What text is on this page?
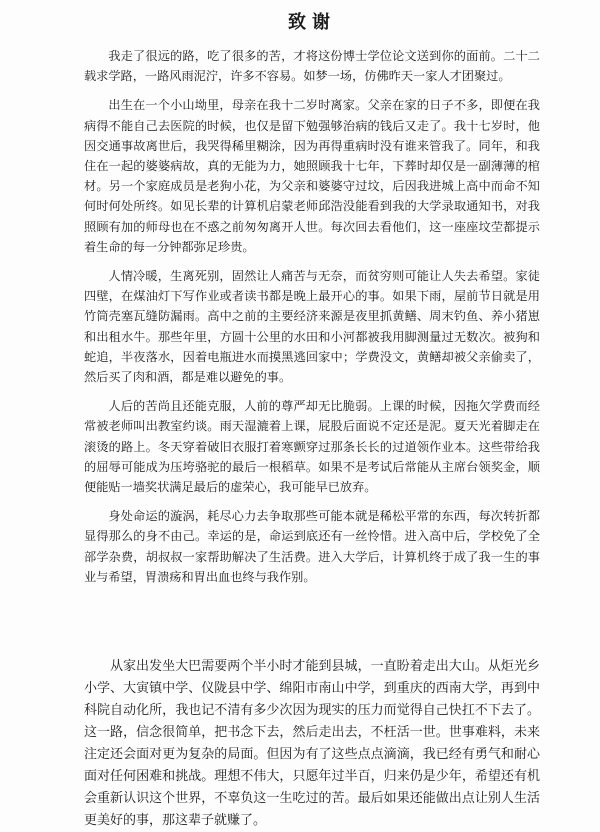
致谢

我走了很远的路，吃了很多的苦，才将这份博士学位论文送到你的面前。二十二载求学路，一路风雨泥泞，许多不容易。如梦一场，仿佛昨天一家人才团聚过。

出生在一个小山坳里，母亲在我十二岁时离家。父亲在家的日子不多，即便在我病得不能自己去医院的时候，也仅是留下勉强够治病的钱后又走了。我十七岁时，他因交通事故离世后，我哭得稀里糊涂，因为再得重病时没有谁来管我了。同年，和我住在一起的婆婆病故，真的无能为力，她照顾我十七年，下葬时却仅是一副薄薄的棺材。另一个家庭成员是老狗小花，为父亲和婆婆守过坟，后因我进城上高中而命不知何时何处所终。如见长辈的计算机启蒙老师邱浩没能看到我的大学录取通知书，对我照顾有加的师母也在不惑之前匆匆离开人世。每次回去看他们，这一座座坟茔都提示着生命的每一分钟都弥足珍贵。

人情冷暖，生离死别，固然让人痛苦与无奈，而贫穷则可能让人失去希望。家徒四壁，在煤油灯下写作业或者读书都是晚上最开心的事。如果下雨，屋前节日就是用竹筒壳塞瓦缝防漏雨。高中之前的主要经济来源是夜里抓黄鳝、周末钓鱼、养小猪崽和出租水牛。那些年里，方圆十公里的水田和小河都被我用脚测量过无数次。被狗和蛇追，半夜落水，因着电瓶进水而摸黑逃回家中；学费没文，黄鳝却被父亲偷卖了，然后买了肉和酒，都是难以避免的事。

人后的苦尚且还能克服，人前的尊严却无比脆弱。上课的时候，因拖欠学费而经常被老师叫出教室约谈。雨天湿漉着上课，屁股后面说不定还是泥。夏天光着脚走在滚烫的路上。冬天穿着破旧衣服打着寒颤穿过那条长长的过道领作业本。这些带给我的屈辱可能成为压垮骆驼的最后一根稻草。如果不是考试后常能从主席台领奖金，顺便能贴一墙奖状满足最后的虚荣心，我可能早已放弃。

身处命运的漩涡，耗尽心力去争取那些可能本就是稀松平常的东西，每次转折都显得那么的身不由己。幸运的是，命运到底还有一丝怜惜。进入高中后，学校免了全部学杂费，胡叔叔一家帮助解决了生活费。进入大学后，计算机终于成了我一生的事业与希望，胃溃疡和胃出血也终与我作别。

从家出发坐大巴需要两个半小时才能到县城，一直盼着走出大山。从炬光乡小学、大寅镇中学、仪陇县中学、绵阳市南山中学，到重庆的西南大学，再到中科院自动化所，我也记不清有多少次因为现实的压力而觉得自己快扛不下去了。这一路，信念很简单，把书念下去，然后走出去，不枉活一世。世事难料，未来注定还会面对更为复杂的局面。但因为有了这些点点滴滴，我已经有勇气和耐心面对任何困难和挑战。理想不伟大，只愿年过半百，归来仍是少年，希望还有机会重新认识这个世界，不辜负这一生吃过的苦。最后如果还能做出点让别人生活更美好的事，那这辈子就赚了。
